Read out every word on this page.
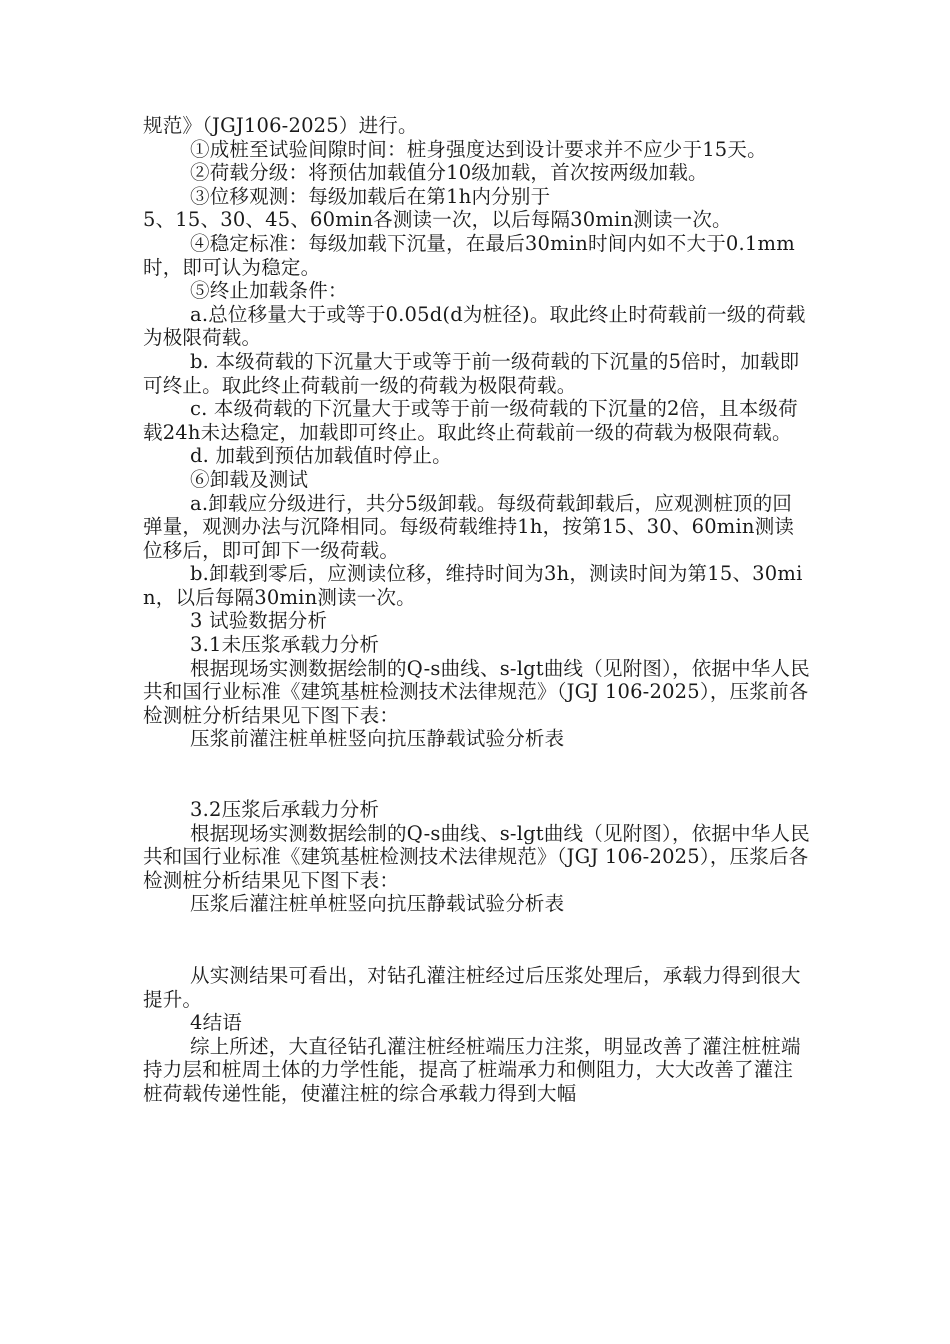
规范》（JGJ106-2025）进行。

①成桩至试验间隙时间：桩身强度达到设计要求并不应少于15天。

②荷载分级：将预估加载值分10级加载，首次按两级加载。

③位移观测：每级加载后在第1h内分别于

5、15、30、45、60min各测读一次，以后每隔30min测读一次。

④稳定标准：每级加载下沉量，在最后30min时间内如不大于0.1mm时，即可认为稳定。

⑤终止加载条件：

a.总位移量大于或等于0.05d(d为桩径)。取此终止时荷载前一级的荷载为极限荷载。

b. 本级荷载的下沉量大于或等于前一级荷载的下沉量的5倍时，加载即可终止。取此终止荷载前一级的荷载为极限荷载。

c. 本级荷载的下沉量大于或等于前一级荷载的下沉量的2倍，且本级荷载24h未达稳定，加载即可终止。取此终止荷载前一级的荷载为极限荷载。

d. 加载到预估加载值时停止。

⑥卸载及测试

a.卸载应分级进行，共分5级卸载。每级荷载卸载后，应观测桩顶的回弹量，观测办法与沉降相同。每级荷载维持1h，按第15、30、60min测读位移后，即可卸下一级荷载。

b.卸载到零后，应测读位移，维持时间为3h，测读时间为第15、30min，以后每隔30min测读一次。

3 试验数据分析

3.1未压浆承载力分析

根据现场实测数据绘制的Q-s曲线、s-lgt曲线（见附图），依据中华人民共和国行业标准《建筑基桩检测技术法律规范》（JGJ 106-2025），压浆前各检测桩分析结果见下图下表：

压浆前灌注桩单桩竖向抗压静载试验分析表

3.2压浆后承载力分析

根据现场实测数据绘制的Q-s曲线、s-lgt曲线（见附图），依据中华人民共和国行业标准《建筑基桩检测技术法律规范》（JGJ 106-2025），压浆后各检测桩分析结果见下图下表：

压浆后灌注桩单桩竖向抗压静载试验分析表

从实测结果可看出，对钻孔灌注桩经过后压浆处理后，承载力得到很大提升。

4结语

综上所述，大直径钻孔灌注桩经桩端压力注浆，明显改善了灌注桩桩端持力层和桩周土体的力学性能，提高了桩端承力和侧阻力，大大改善了灌注桩荷载传递性能，使灌注桩的综合承载力得到大幅
